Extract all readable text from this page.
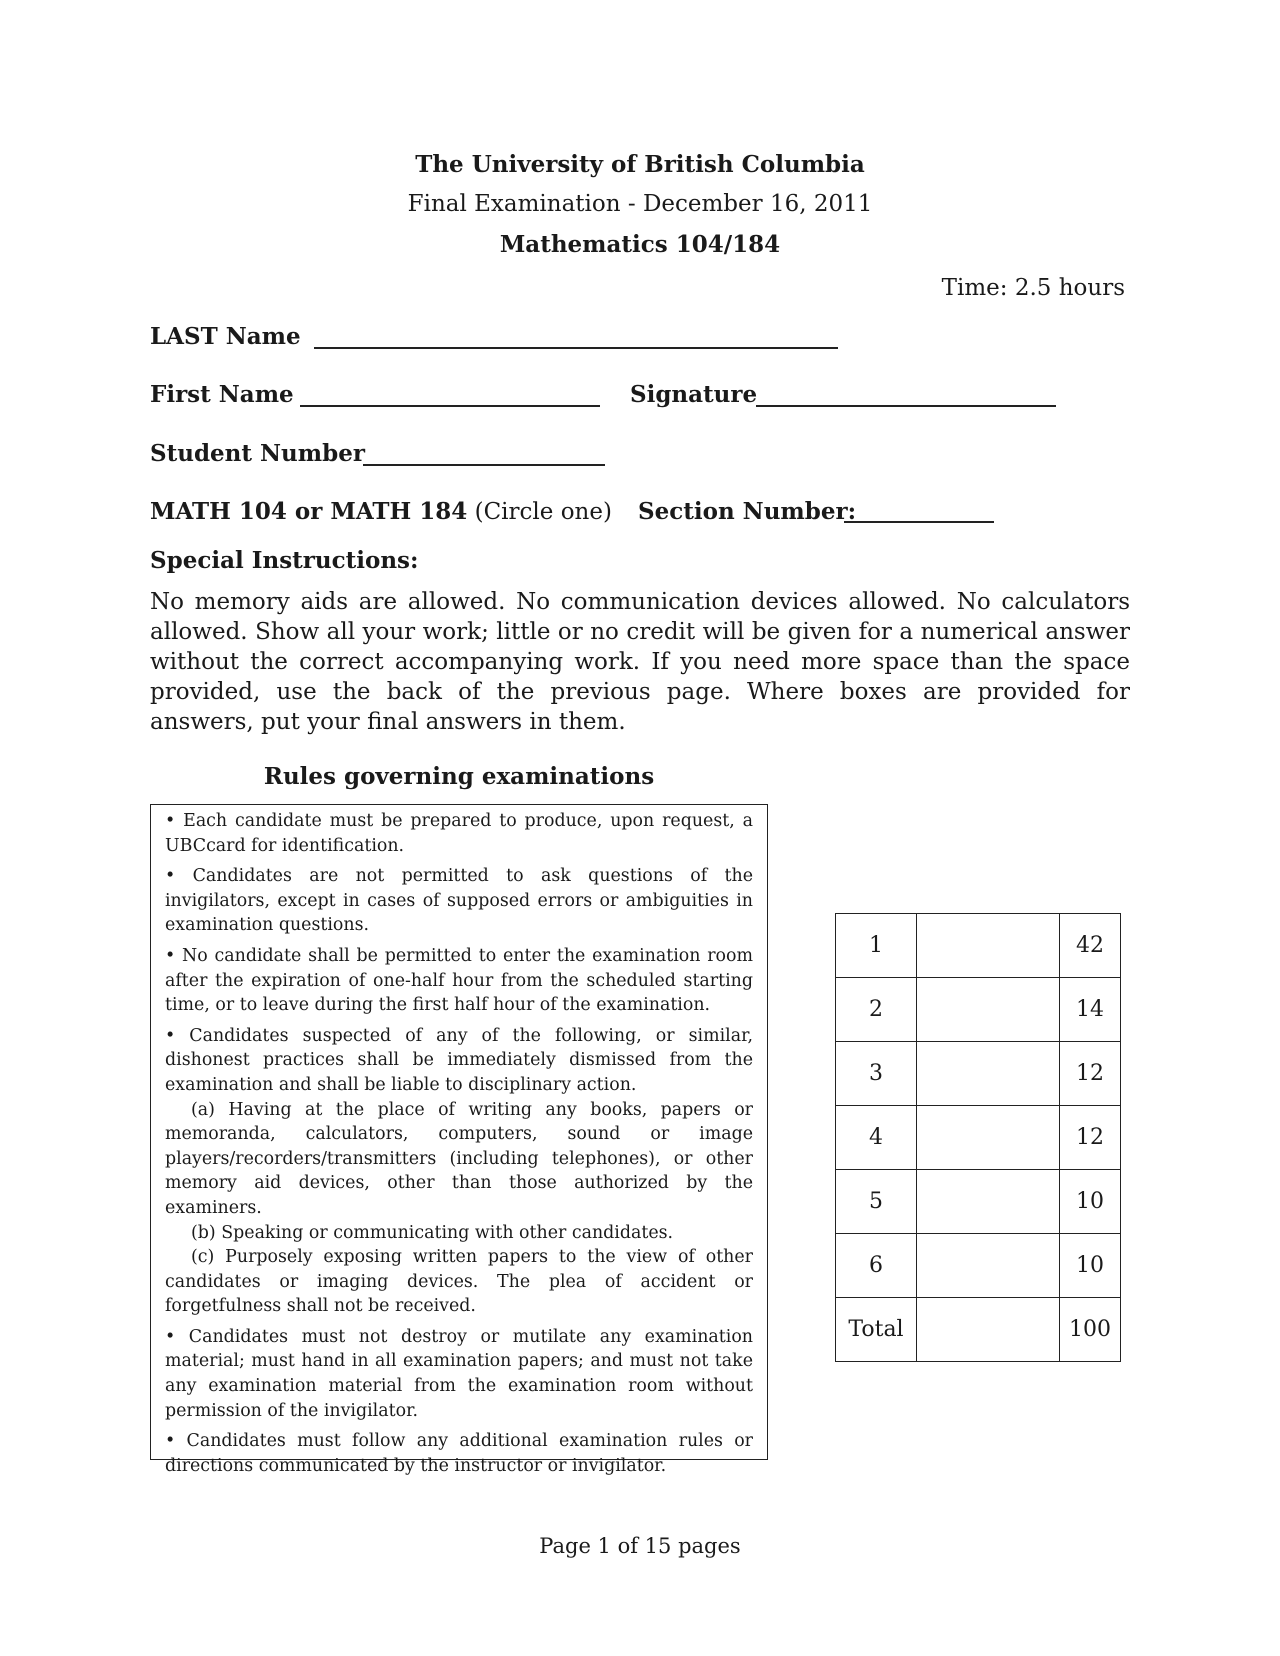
The University of British Columbia
Final Examination - December 16, 2011
Mathematics 104/184
Time: 2.5 hours
LAST Name
First Name	Signature
Student Number
MATH 104 or MATH 184 (Circle one) Section Number:
Special Instructions:
No memory aids are allowed. No communication devices allowed. No calculators allowed. Show all your work; little or no credit will be given for a numerical answer without the correct accompanying work. If you need more space than the space provided, use the back of the previous page. Where boxes are provided for answers, put your final answers in them.
Rules governing examinations

• Each candidate must be prepared to produce, upon request, a UBCcard for identification.

• Candidates are not permitted to ask questions of the invigilators, except in cases of supposed errors or ambiguities in examination questions.

• No candidate shall be permitted to enter the examination room after the expiration of one-half hour from the scheduled starting time, or to leave during the first half hour of the examination.

• Candidates suspected of any of the following, or similar, dishonest practices shall be immediately dismissed from the examination and shall be liable to disciplinary action.

(a) Having at the place of writing any books, papers or memoranda, calculators, computers, sound or image players/recorders/transmitters (including telephones), or other memory aid devices, other than those authorized by the examiners.

(b) Speaking or communicating with other candidates.

(c) Purposely exposing written papers to the view of other candidates or imaging devices. The plea of accident or forgetfulness shall not be received.

• Candidates must not destroy or mutilate any examination material; must hand in all examination papers; and must not take any examination material from the examination room without permission of the invigilator.

• Candidates must follow any additional examination rules or directions communicated by the instructor or invigilator.

1		42
2		14
3		12
4		12
5		10
6		10
Total		100
Page 1 of 15 pages
